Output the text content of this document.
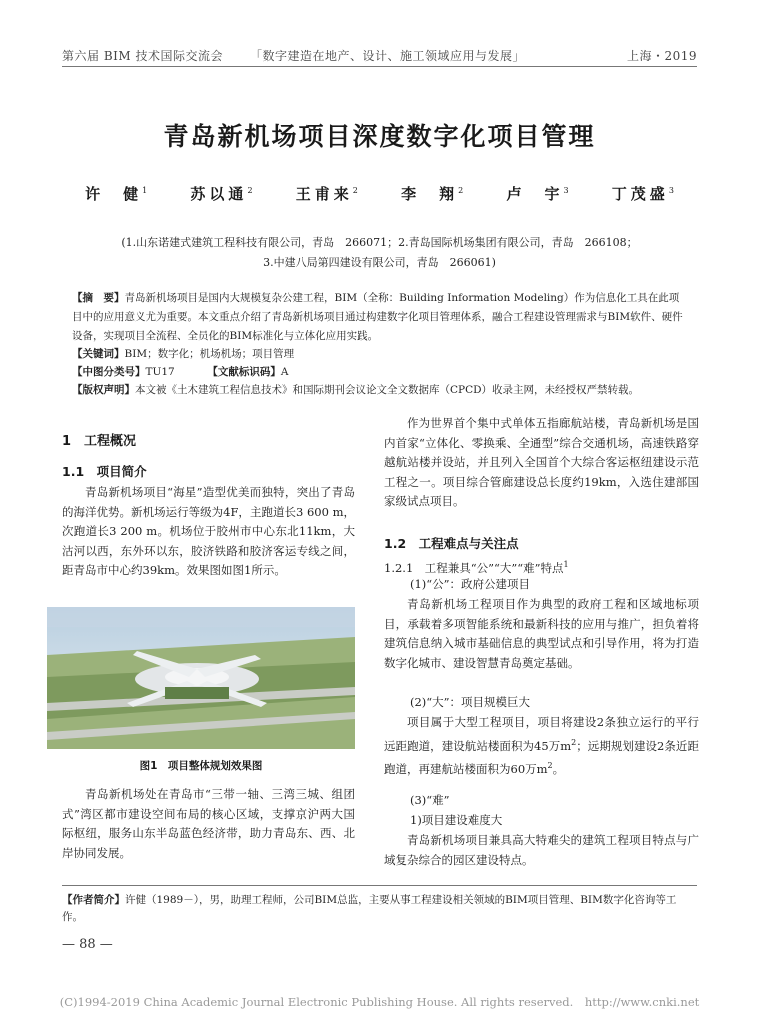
第六届 BIM 技术国际交流会 「数字建造在地产、设计、施工领域应用与发展」	上海・2019
青岛新机场项目深度数字化项目管理
许　健$^1$	苏以通$^2$	王甫来$^2$	李　翔$^2$	卢　宇$^3$	丁茂盛$^3$
(1.山东诺建式建筑工程科技有限公司，青岛　266071；2.青岛国际机场集团有限公司，青岛　266108；
3.中建八局第四建设有限公司，青岛　266061)
【摘　要】青岛新机场项目是国内大规模复杂公建工程，BIM（全称：Building Information Modeling）作为信息化工具在此项目中的应用意义尤为重要。本文重点介绍了青岛新机场项目通过构建数字化项目管理体系，融合工程建设管理需求与BIM软件、硬件设备，实现项目全流程、全员化的BIM标准化与立体化应用实践。
【关键词】BIM；数字化；机场机场；项目管理
【中图分类号】TU17	【文献标识码】A
【版权声明】本文被《土木建筑工程信息技术》和国际期刊会议论文全文数据库（CPCD）收录主网，未经授权严禁转载。
1　工程概况
1.1　项目简介
青岛新机场项目“海星”造型优美而独特，突出了青岛的海洋优势。新机场运行等级为4F，主跑道长3 600 m，次跑道长3 200 m。机场位于胶州市中心东北11km，大沽河以西，东外环以东，胶济铁路和胶济客运专线之间，距青岛市中心约39km。效果图如图1所示。
图1　项目整体规划效果图
青岛新机场处在青岛市“三带一轴、三湾三城、组团式”湾区都市建设空间布局的核心区域，支撑京沪两大国际枢纽，服务山东半岛蓝色经济带，助力青岛东、西、北岸协同发展。
作为世界首个集中式单体五指廊航站楼，青岛新机场是国内首家“立体化、零换乘、全通型”综合交通机场，高速铁路穿越航站楼并设站，并且列入全国首个大综合客运枢纽建设示范工程之一。项目综合管廊建设总长度约19km，入选住建部国家级试点项目。
1.2　工程难点与关注点
1.2.1　工程兼具“公”“大”“难”特点$^1$
(1)“公”：政府公建项目
青岛新机场工程项目作为典型的政府工程和区域地标项目，承载着多项智能系统和最新科技的应用与推广，担负着将建筑信息纳入城市基础信息的典型试点和引导作用，将为打造数字化城市、建设智慧青岛奠定基础。
(2)“大”：项目规模巨大
项目属于大型工程项目，项目将建设2条独立运行的平行远距跑道，建设航站楼面积为45万$m^2$；远期规划建设2条近距跑道，再建航站楼面积为60万$m^2$。
(3)“难”
1)项目建设难度大
青岛新机场项目兼具高大特难尖的建筑工程项目特点与广域复杂综合的园区建设特点。
【作者简介】许健（1989－），男，助理工程师，公司BIM总监，主要从事工程建设相关领域的BIM项目管理、BIM数字化咨询等工作。
— 88 —
(C)1994-2019 China Academic Journal Electronic Publishing House. All rights reserved.　http://www.cnki.net
